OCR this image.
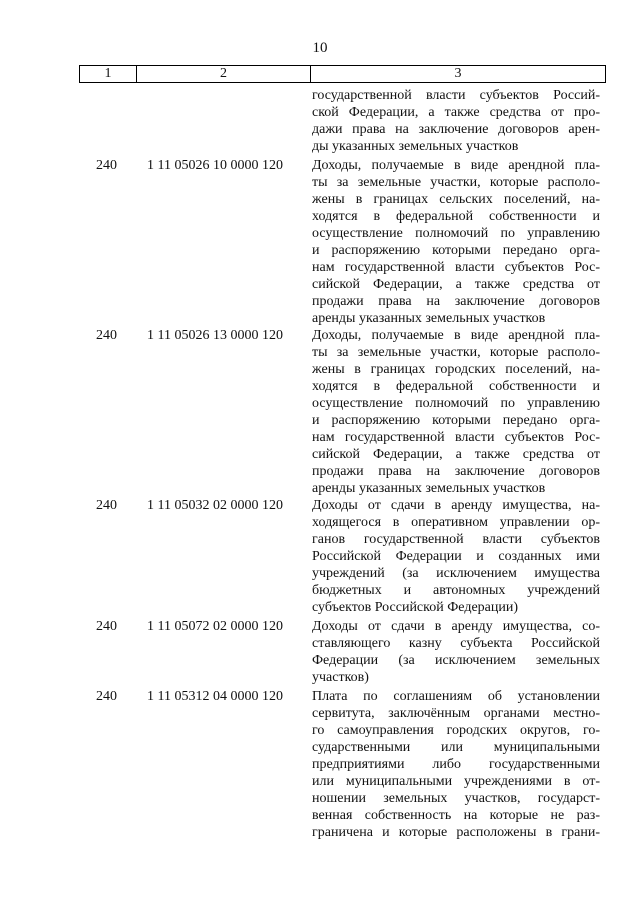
10
1	2	3
государственной власти субъектов Россий-
ской Федерации, а также средства от про-
дажи права на заключение договоров арен-
ды указанных земельных участков
240	1 11 05026 10 0000 120	Доходы, получаемые в виде арендной пла-
ты за земельные участки, которые располо-
жены в границах сельских поселений, на-
ходятся в федеральной собственности и
осуществление полномочий по управлению
и распоряжению которыми передано орга-
нам государственной власти субъектов Рос-
сийской Федерации, а также средства от
продажи права на заключение договоров
аренды указанных земельных участков
240	1 11 05026 13 0000 120	Доходы, получаемые в виде арендной пла-
ты за земельные участки, которые располо-
жены в границах городских поселений, на-
ходятся в федеральной собственности и
осуществление полномочий по управлению
и распоряжению которыми передано орга-
нам государственной власти субъектов Рос-
сийской Федерации, а также средства от
продажи права на заключение договоров
аренды указанных земельных участков
240	1 11 05032 02 0000 120	Доходы от сдачи в аренду имущества, на-
ходящегося в оперативном управлении ор-
ганов государственной власти субъектов
Российской Федерации и созданных ими
учреждений (за исключением имущества
бюджетных и автономных учреждений
субъектов Российской Федерации)
240	1 11 05072 02 0000 120	Доходы от сдачи в аренду имущества, со-
ставляющего казну субъекта Российской
Федерации (за исключением земельных
участков)
240	1 11 05312 04 0000 120	Плата по соглашениям об установлении
сервитута, заключённым органами местно-
го самоуправления городских округов, го-
сударственными или муниципальными
предприятиями либо государственными
или муниципальными учреждениями в от-
ношении земельных участков, государст-
венная собственность на которые не раз-
граничена и которые расположены в грани-
